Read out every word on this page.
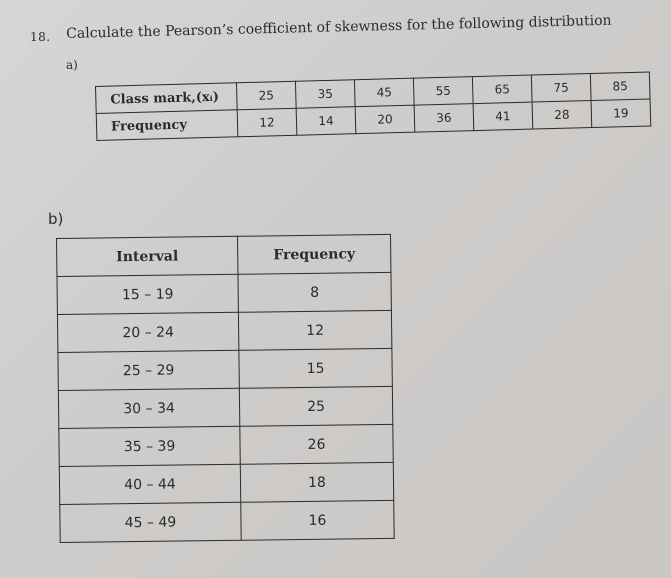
18. Calculate the Pearson’s coefficient of skewness for the following distribution
a)
Class mark,(xᵢ)	25	35	45	55	65	75	85
Frequency	12	14	20	36	41	28	19
b)
Interval	Frequency
15 – 19	8
20 – 24	12
25 – 29	15
30 – 34	25
35 – 39	26
40 – 44	18
45 – 49	16
